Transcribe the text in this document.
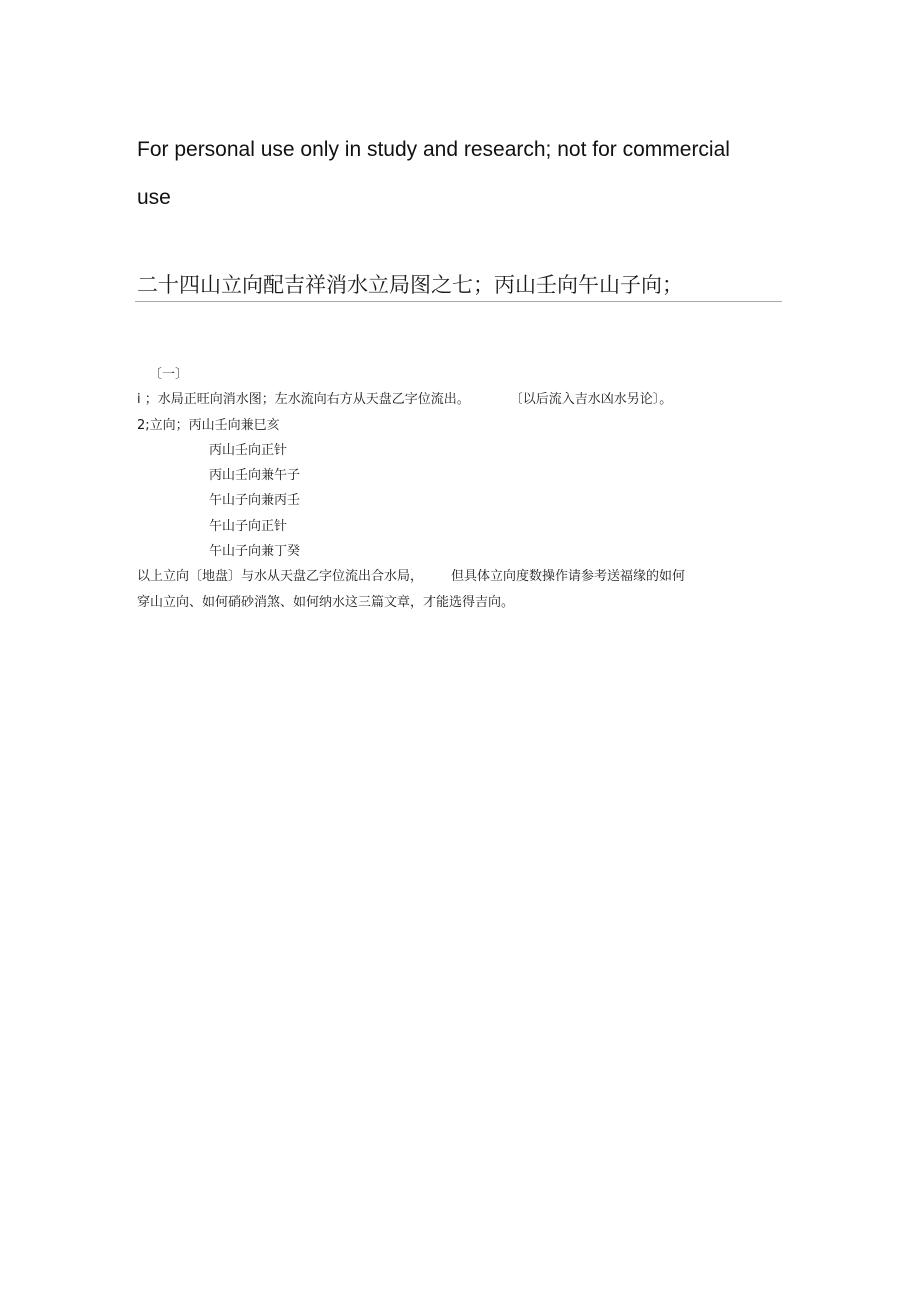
For personal use only in study and research; not for commercial
use

二十四山立向配吉祥消水立局图之七；丙山壬向午山子向；
〔一〕
i ；水局正旺向消水图；左水流向右方从天盘乙字位流出。	〔以后流入吉水凶水另论〕。
2;立向；丙山壬向兼巳亥
丙山壬向正针
丙山壬向兼午子
午山子向兼丙壬
午山子向正针
午山子向兼丁癸
以上立向〔地盘〕与水从天盘乙字位流出合水局， 但具体立向度数操作请参考送福缘的如何
穿山立向、如何硝砂消煞、如何纳水这三篇文章，才能选得吉向。
